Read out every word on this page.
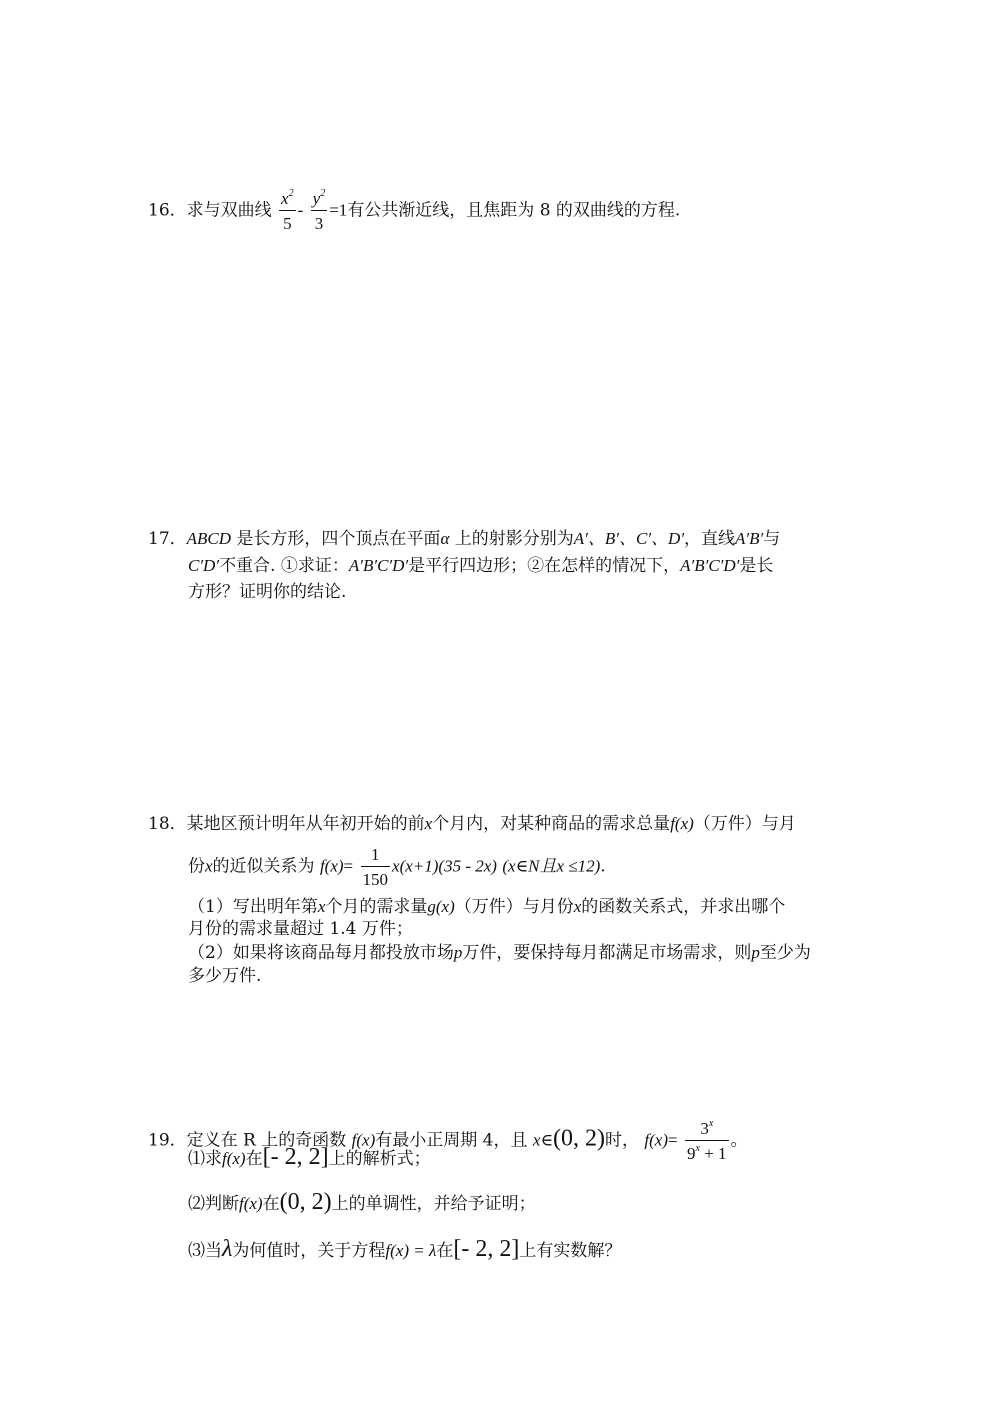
16．求与双曲线 $\frac{x^2}{5} - \frac{y^2}{3} =1$有公共渐近线，且焦距为 8 的双曲线的方程.
17．ABCD 是长方形，四个顶点在平面α 上的射影分别为A′、B′、C′、D′，直线A′B′与
C′D′不重合. ①求证：A′B′C′D′是平行四边形；②在怎样的情况下，A′B′C′D′是长
方形？证明你的结论.
18．某地区预计明年从年初开始的前x个月内，对某种商品的需求总量f(x)（万件）与月
份x的近似关系为 $f(x)= \frac{1}{150} x(x+1)(35 - 2x)$ (x∈N且x ≤12).
（1）写出明年第x个月的需求量g(x)（万件）与月份x的函数关系式，并求出哪个
月份的需求量超过 1.4 万件；
（2）如果将该商品每月都投放市场p万件，要保持每月都满足市场需求，则p至少为
多少万件.
19．定义在 R 上的奇函数 f(x)有最小正周期 4，且 x∈(0, 2)时， $f(x)= \frac{3^x}{9^x + 1}$ 。
⑴求f(x)在[- 2, 2]上的解析式；
⑵判断f(x)在(0, 2)上的单调性，并给予证明；
⑶当λ为何值时，关于方程f(x) = λ在[- 2, 2]上有实数解？
